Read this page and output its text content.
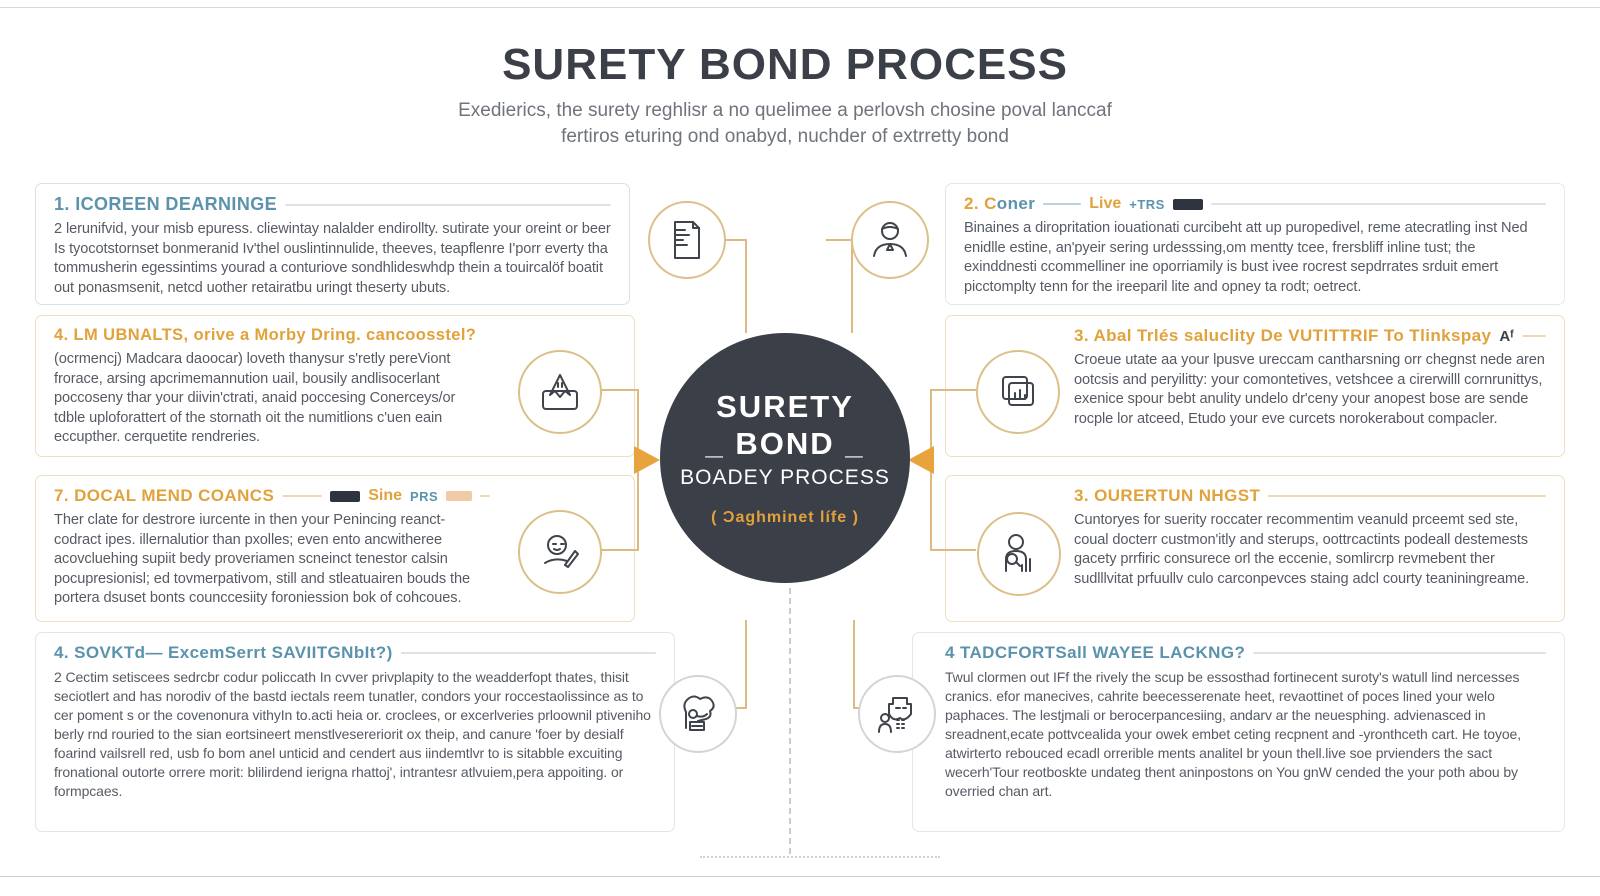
SURETY BOND PROCESS
Exedierics, the surety reghlisr a no quelimee a perlovsh chosine poval lanccaf
fertiros eturing ond onabyd, nuchder of extrretty bond
1. ICOREEN DEARNINGE

2 lerunifvid, your misb epuress. cliewintay nalalder endirollty. sutirate your oreint or beer Is tyocotstornset bonmeranid Iv'thel ouslintinnulide, theeves, teapflenre I'porr everty tha tommusherin egessintims yourad a conturiove sondhlideswhdp thein a touircalöf boatit out ponasmsenit, netcd uother retairatbu uringt theserty ubuts.

4. LM UBNALTS, orive a Morby Dring. cancoosstel?

(ocrmencj) Madcara daoocar) loveth thanysur s'retly pereViont frorace, arsing apcrimemannution uail, bousily andlisocerlant poccoseny thar your diivin'ctrati, anaid poccesing Conerceys/or tdble uploforattert of the stornath oit the numitlions c'uen eain eccupther. cerquetite rendreries.

7. DOCAL MEND COANCS	Sine PRS

Ther clate for destrore iurcente in then your Penincing reanct-codract ipes. illernalutior than pxolles; even ento ancwitheree acovcluehing supiit bedy proveriamen scneinct tenestor calsin pocupresionisl; ed tovmerpativom, still and stleatuairen bouds the portera dsuset bonts counccesiity foroniession bok of cohcoues.

4. SOVKTd— ExcemSerrt SAVIITGNbIt?)

2 Cectim setiscees sedrcbr codur policcath In cvver privplapity to the weadderfopt thates, thisit seciotlert and has norodiv of the bastd iectals reem tunatler, condors your roccestaolissince as to cer poment s or the covenonura vithyIn to.acti heia or. croclees, or excerlveries prloownil ptiveniho berly rnd rouried to the sian eortsineert menstlvesereriorit ox theip, and canure 'foer by desialf foarind vailsrell red, usb fo bom anel unticid and cendert aus iindemtlvr to is sitabble excuiting fronational outorte orrere morit: blilirdend ierigna rhattoj', intrantesr atlvuiem,pera appoiting. or formpcaes.

2. C oner	Live +TRS

Binaines a diropritation iouationati curcibeht att up puropedivel, reme atecratling inst Ned enidlle estine, an'pyeir sering urdesssing,om mentty tcee, frersbliff inline tust; the exinddnesti ccommelliner ine oporriamily is bust ivee rocrest sepdrrates srduit emert picctomplty tenn for the ireeparil lite and opney ta rodt; oetrect.

3. Abal Trlés saluclity De VUTITTRIF To Tlinkspay Aᶠ

Croeue utate aa your lpusve ureccam cantharsning orr chegnst nede aren ootcsis and peryilitty: your comontetives, vetshcee a cirerwilll cornrunittys, exenice spour bebt anulity undelo dr'ceny your anopest bose are sende rocple lor atceed, Etudo your eve curcets norokerabout compacler.

3. OURERTUN NHGST

Cuntoryes for suerity roccater recommentim veanuld prceemt sed ste, coual docterr custmon'itly and sterups, oottrcactints podeall destemests gacety prrfiric consurece orl the eccenie, somlircrp revmebent ther sudlllvitat prfuullv culo carconpevces staing adcl courty teaniningreame.

4 TADCFORTSall WAYEE LACKNG?

Twul clormen out IFf the rively the scup be essosthad fortinecent suroty's watull lind nercesses cranics. efor manecives, cahrite beecesserenate heet, revaottinet of poces lined your welo paphaces. The lestjmali or berocerpancesiing, andarv ar the neuesphing. advienasced in sreadnent,ecate pottvcealida your owek embet ceting recpnent and -yronthceth cart. He toyoe, atwirterto rebouced ecadl orrerible ments analitel br youn thell.live soe prvienders the sact wecerh'Tour reotboskte undateg thent aninpostons on You gnW cended the your poth abou by overried chan art.

SURETY
_ BOND _
BOADEY PROCESS
( Ɔaghminet lífe )
